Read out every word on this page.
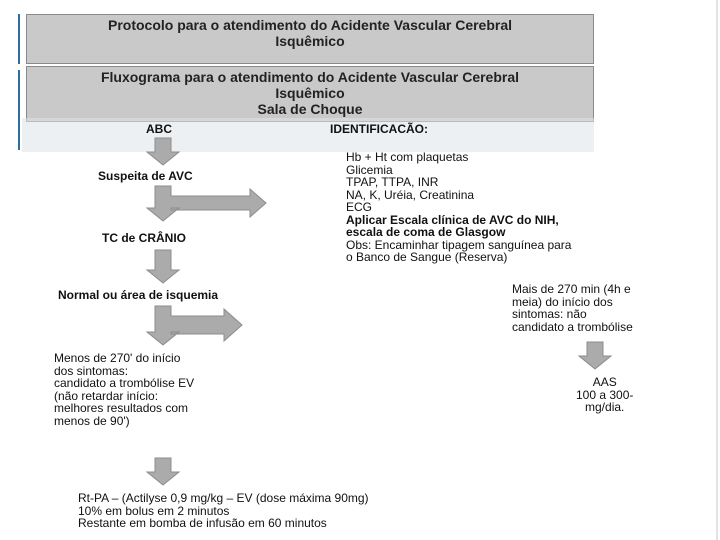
Protocolo para o atendimento do Acidente Vascular Cerebral
Isquêmico
Fluxograma para o atendimento do Acidente Vascular Cerebral
Isquêmico
Sala de Choque
ABC
Suspeita de AVC
TC de CRÂNIO
Normal ou área de isquemia
Menos de 270' do início
dos sintomas:
candidato a trombólise EV
(não retardar início:
melhores resultados com
menos de 90')
Rt-PA – (Actilyse 0,9 mg/kg – EV (dose máxima 90mg)
10% em bolus em 2 minutos
Restante em bomba de infusão em 60 minutos
IDENTIFICACÃO:
Hb + Ht com plaquetas
Glicemia
TPAP, TTPA, INR
NA, K, Uréia, Creatinina
ECG
Aplicar Escala clínica de AVC do NIH,
escala de coma de Glasgow
Obs: Encaminhar tipagem sanguínea para
o Banco de Sangue (Reserva)
Mais de 270 min (4h e
meia) do início dos
sintomas: não
candidato a trombólise
AAS
100 a 300-
mg/dia.
